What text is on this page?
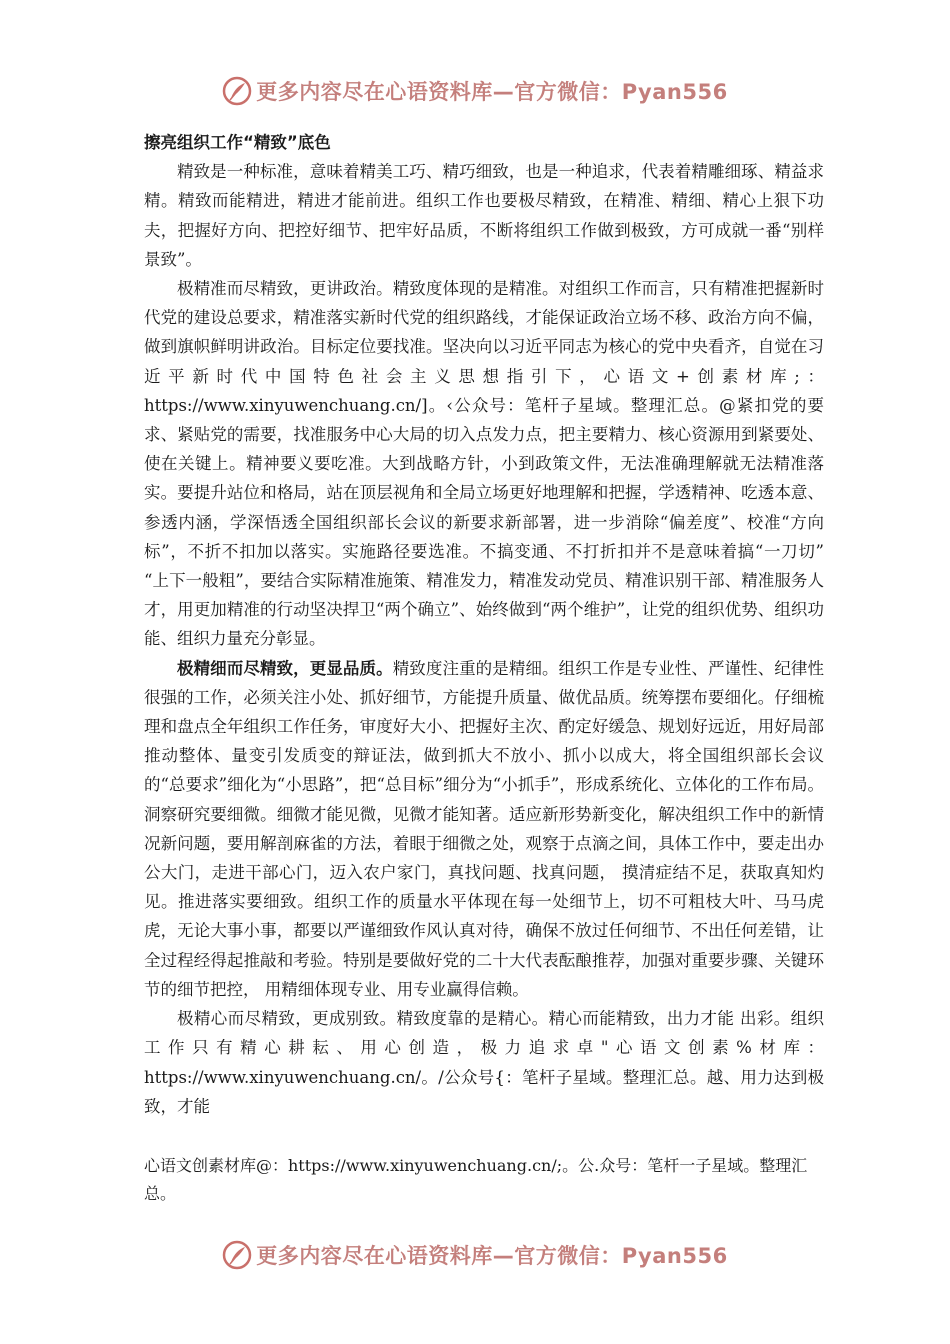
更多内容尽在心语资料库—官方微信：Pyan556

擦亮组织工作“精致”底色

精致是一种标准，意味着精美工巧、精巧细致，也是一种追求，代表着精雕细琢、精益求精。精致而能精进，精进才能前进。组织工作也要极尽精致，在精准、精细、精心上狠下功夫，把握好方向、把控好细节、把牢好品质，不断将组织工作做到极致，方可成就一番“别样景致”。

极精准而尽精致，更讲政治。精致度体现的是精准。对组织工作而言，只有精准把握新时代党的建设总要求，精准落实新时代党的组织路线，才能保证政治立场不移、政治方向不偏，做到旗帜鲜明讲政治。目标定位要找准。坚决向以习近平同志为核心的党中央看齐，自觉在习近平新时代中国特色社会主义思想指引下，心语文+创素材库;：https://www.xinyuwenchuang.cn/]。‹公众号：笔杆子星域。整理汇总。@紧扣党的要求、紧贴党的需要，找准服务中心大局的切入点发力点，把主要精力、核心资源用到紧要处、使在关键上。精神要义要吃准。大到战略方针，小到政策文件，无法准确理解就无法精准落实。要提升站位和格局，站在顶层视角和全局立场更好地理解和把握，学透精神、吃透本意、参透内涵，学深悟透全国组织部长会议的新要求新部署，进一步消除“偏差度”、校准“方向标”，不折不扣加以落实。实施路径要选准。不搞变通、不打折扣并不是意味着搞“一刀切” “上下一般粗”，要结合实际精准施策、精准发力，精准发动党员、精准识别干部、精准服务人才，用更加精准的行动坚决捍卫“两个确立”、始终做到“两个维护”，让党的组织优势、组织功能、组织力量充分彰显。

极精细而尽精致，更显品质。精致度注重的是精细。组织工作是专业性、严谨性、纪律性很强的工作，必须关注小处、抓好细节，方能提升质量、做优品质。统筹摆布要细化。仔细梳理和盘点全年组织工作任务，审度好大小、把握好主次、酌定好缓急、规划好远近，用好局部推动整体、量变引发质变的辩证法，做到抓大不放小、抓小以成大，将全国组织部长会议的“总要求”细化为“小思路”，把“总目标”细分为“小抓手”，形成系统化、立体化的工作布局。洞察研究要细微。细微才能见微，见微才能知著。适应新形势新变化，解决组织工作中的新情况新问题，要用解剖麻雀的方法，着眼于细微之处，观察于点滴之间，具体工作中，要走出办公大门，走进干部心门，迈入农户家门，真找问题、找真问题， 摸清症结不足，获取真知灼见。推进落实要细致。组织工作的质量水平体现在每一处细节上，切不可粗枝大叶、马马虎虎，无论大事小事，都要以严谨细致作风认真对待，确保不放过任何细节、不出任何差错，让全过程经得起推敲和考验。特别是要做好党的二十大代表酝酿推荐，加强对重要步骤、关键环节的细节把控， 用精细体现专业、用专业赢得信赖。

极精心而尽精致，更成别致。精致度靠的是精心。精心而能精致，出力才能 出彩。组织工作只有精心耕耘、用心创造，极力追求卓"心语文创素%材库：https://www.xinyuwenchuang.cn/。/公众号{：笔杆子星域。整理汇总。越、用力达到极致，才能

心语文创素材库@：https://www.xinyuwenchuang.cn/;。公.众号：笔杆一子星域。整理汇总。

更多内容尽在心语资料库—官方微信：Pyan556
